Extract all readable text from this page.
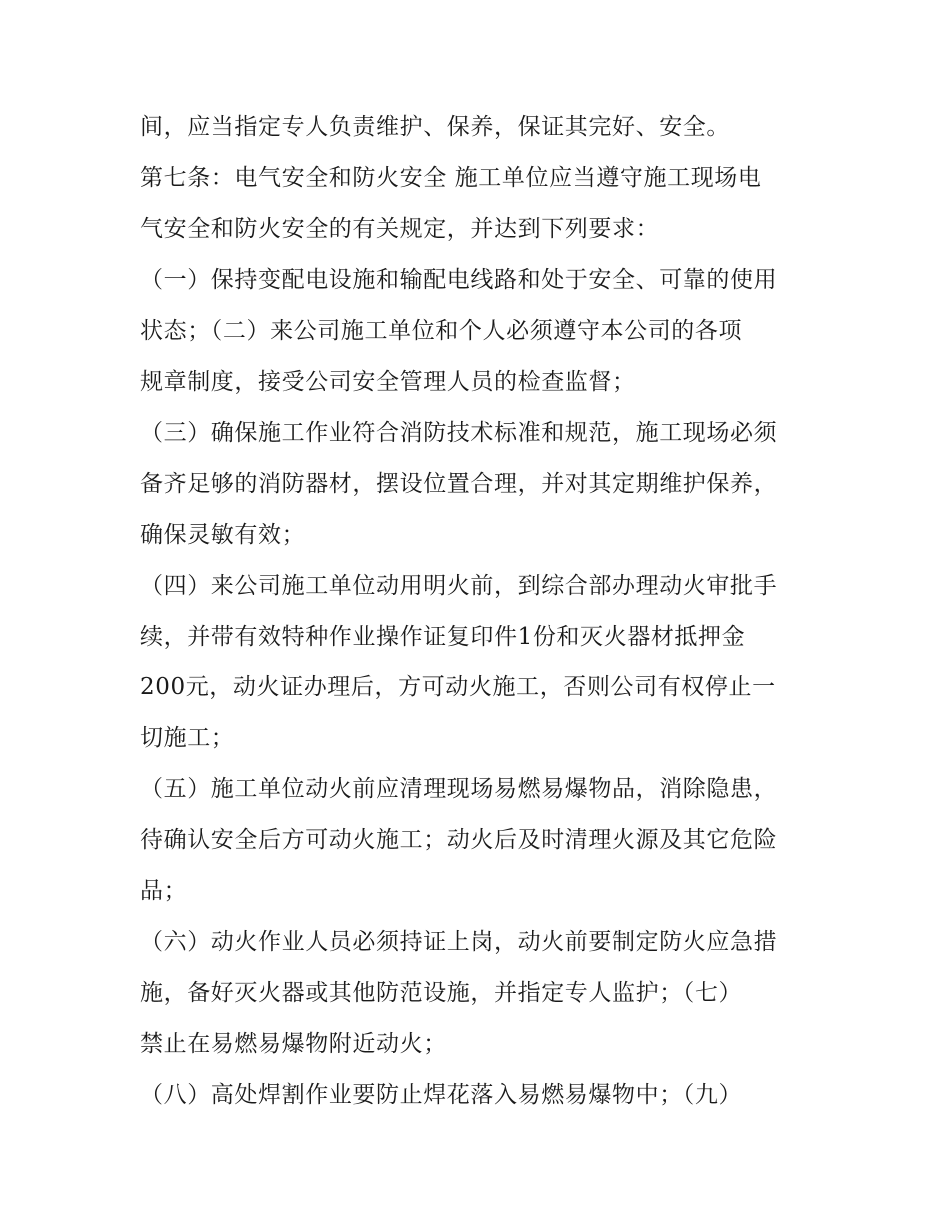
间，应当指定专人负责维护、保养，保证其完好、安全。
第七条：电气安全和防火安全 施工单位应当遵守施工现场电
气安全和防火安全的有关规定，并达到下列要求：
（一）保持变配电设施和输配电线路和处于安全、可靠的使用
状态；（二）来公司施工单位和个人必须遵守本公司的各项
规章制度，接受公司安全管理人员的检查监督；
（三）确保施工作业符合消防技术标准和规范，施工现场必须
备齐足够的消防器材，摆设位置合理，并对其定期维护保养，
确保灵敏有效；
（四）来公司施工单位动用明火前，到综合部办理动火审批手
续，并带有效特种作业操作证复印件1份和灭火器材抵押金
200元，动火证办理后，方可动火施工，否则公司有权停止一
切施工；
（五）施工单位动火前应清理现场易燃易爆物品，消除隐患，
待确认安全后方可动火施工；动火后及时清理火源及其它危险
品；
（六）动火作业人员必须持证上岗，动火前要制定防火应急措
施，备好灭火器或其他防范设施，并指定专人监护；（七）
禁止在易燃易爆物附近动火；
（八）高处焊割作业要防止焊花落入易燃易爆物中；（九）
